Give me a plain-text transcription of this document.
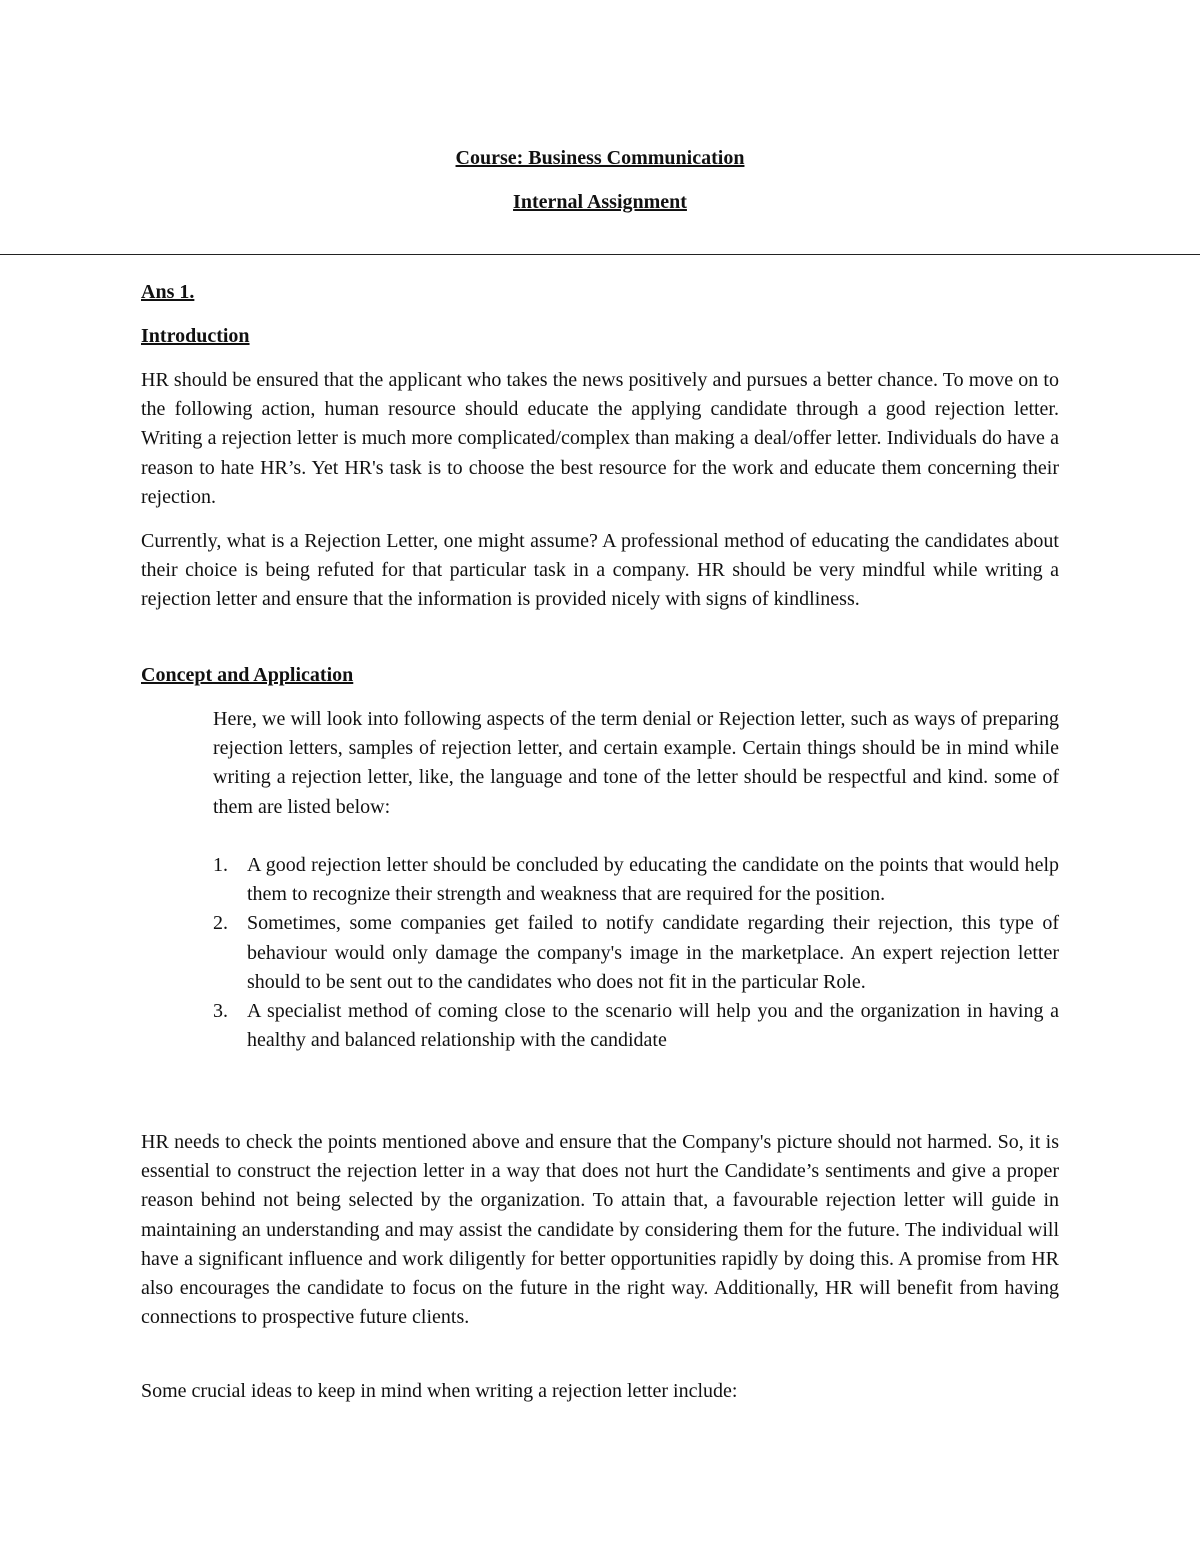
Course: Business Communication
Internal Assignment
Ans 1.
Introduction

HR should be ensured that the applicant who takes the news positively and pursues a better chance. To move on to the following action, human resource should educate the applying candidate through a good rejection letter. Writing a rejection letter is much more complicated/complex than making a deal/offer letter. Individuals do have a reason to hate HR’s. Yet HR's task is to choose the best resource for the work and educate them concerning their rejection.

Currently, what is a Rejection Letter, one might assume? A professional method of educating the candidates about their choice is being refuted for that particular task in a company. HR should be very mindful while writing a rejection letter and ensure that the information is provided nicely with signs of kindliness.

Concept and Application

Here, we will look into following aspects of the term denial or Rejection letter, such as ways of preparing rejection letters, samples of rejection letter, and certain example. Certain things should be in mind while writing a rejection letter, like, the language and tone of the letter should be respectful and kind. some of them are listed below:

1. A good rejection letter should be concluded by educating the candidate on the points that would help them to recognize their strength and weakness that are required for the position.
2. Sometimes, some companies get failed to notify candidate regarding their rejection, this type of behaviour would only damage the company's image in the marketplace. An expert rejection letter should to be sent out to the candidates who does not fit in the particular Role.
3. A specialist method of coming close to the scenario will help you and the organization in having a healthy and balanced relationship with the candidate

HR needs to check the points mentioned above and ensure that the Company's picture should not harmed. So, it is essential to construct the rejection letter in a way that does not hurt the Candidate’s sentiments and give a proper reason behind not being selected by the organization. To attain that, a favourable rejection letter will guide in maintaining an understanding and may assist the candidate by considering them for the future. The individual will have a significant influence and work diligently for better opportunities rapidly by doing this. A promise from HR also encourages the candidate to focus on the future in the right way. Additionally, HR will benefit from having connections to prospective future clients.

Some crucial ideas to keep in mind when writing a rejection letter include:
